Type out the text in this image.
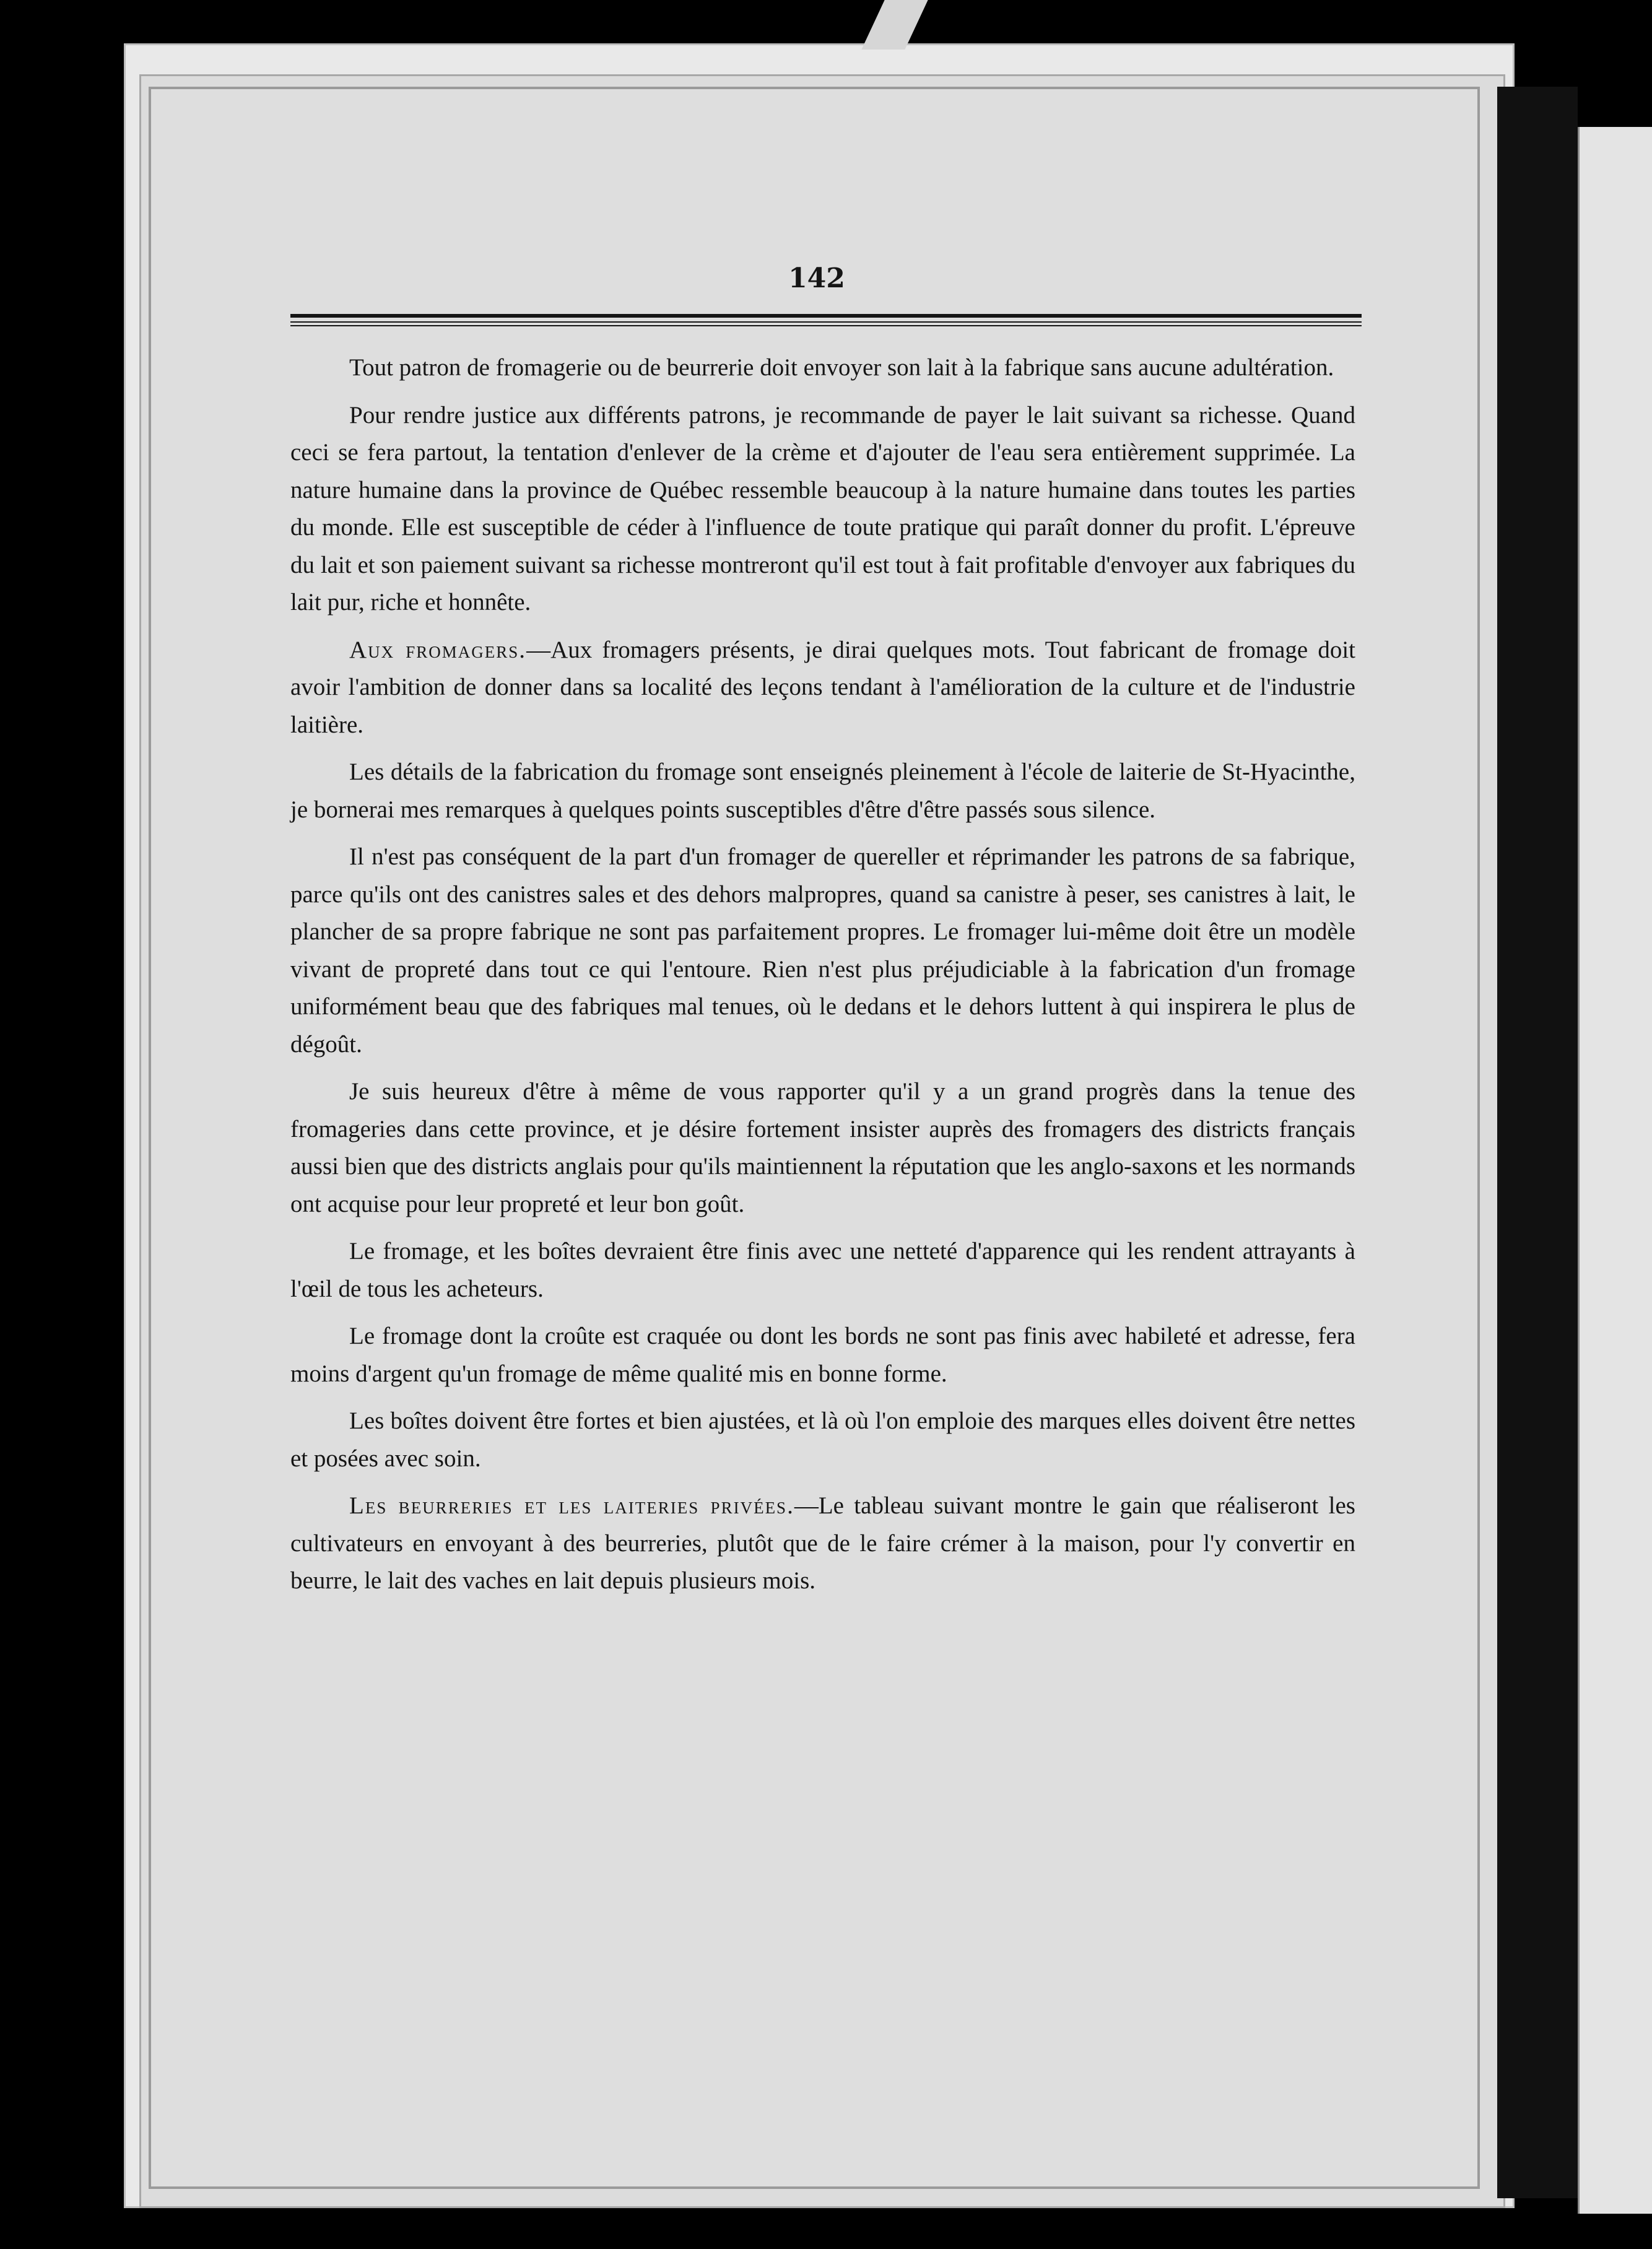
142

Tout patron de fromagerie ou de beurrerie doit envoyer son lait à la fabrique sans aucune adultération.

Pour rendre justice aux différents patrons, je recommande de payer le lait suivant sa richesse. Quand ceci se fera partout, la tentation d'enlever de la crème et d'ajouter de l'eau sera entièrement supprimée. La nature humaine dans la province de Québec ressemble beaucoup à la nature humaine dans toutes les parties du monde. Elle est susceptible de céder à l'influence de toute pratique qui paraît donner du profit. L'épreuve du lait et son paiement suivant sa richesse montreront qu'il est tout à fait profitable d'envoyer aux fabriques du lait pur, riche et honnête.

Aux fromagers.—Aux fromagers présents, je dirai quelques mots. Tout fabricant de fromage doit avoir l'ambition de donner dans sa localité des leçons tendant à l'amélioration de la culture et de l'industrie laitière.

Les détails de la fabrication du fromage sont enseignés pleinement à l'école de laiterie de St-Hyacinthe, je bornerai mes remarques à quelques points susceptibles d'être d'être passés sous silence.

Il n'est pas conséquent de la part d'un fromager de quereller et réprimander les patrons de sa fabrique, parce qu'ils ont des canistres sales et des dehors malpropres, quand sa canistre à peser, ses canistres à lait, le plancher de sa propre fabrique ne sont pas parfaitement propres. Le fromager lui-même doit être un modèle vivant de propreté dans tout ce qui l'entoure. Rien n'est plus préjudiciable à la fabrication d'un fromage uniformément beau que des fabriques mal tenues, où le dedans et le dehors luttent à qui inspirera le plus de dégoût.

Je suis heureux d'être à même de vous rapporter qu'il y a un grand progrès dans la tenue des fromageries dans cette province, et je désire fortement insister auprès des fromagers des districts français aussi bien que des districts anglais pour qu'ils maintiennent la réputation que les anglo-saxons et les normands ont acquise pour leur propreté et leur bon goût.

Le fromage, et les boîtes devraient être finis avec une netteté d'apparence qui les rendent attrayants à l'œil de tous les acheteurs.

Le fromage dont la croûte est craquée ou dont les bords ne sont pas finis avec habileté et adresse, fera moins d'argent qu'un fromage de même qualité mis en bonne forme.

Les boîtes doivent être fortes et bien ajustées, et là où l'on emploie des marques elles doivent être nettes et posées avec soin.

Les beurreries et les laiteries privées.—Le tableau suivant montre le gain que réaliseront les cultivateurs en envoyant à des beurreries, plutôt que de le faire crémer à la maison, pour l'y convertir en beurre, le lait des vaches en lait depuis plusieurs mois.
